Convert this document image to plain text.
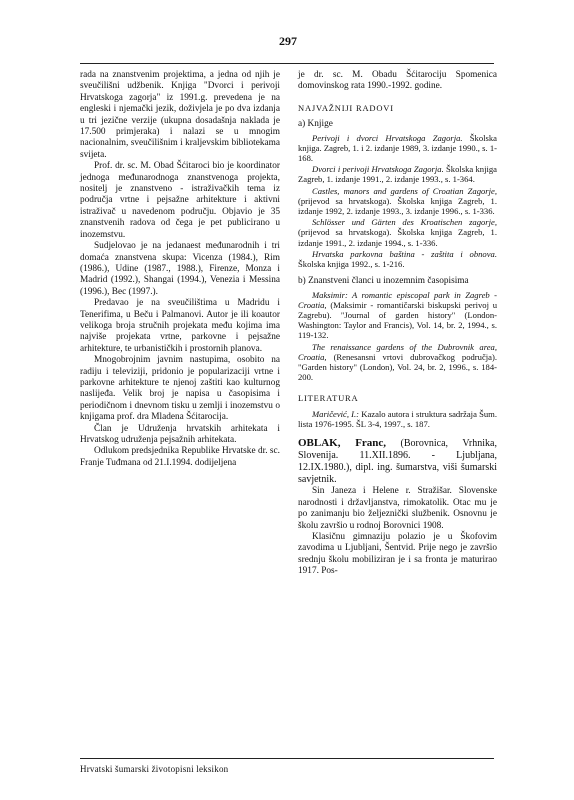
297

rada na znanstvenim projektima, a jedna od njih je sveučilišni udžbenik. Knjiga "Dvorci i perivoji Hrvatskoga zagorja" iz 1991.g. prevedena je na engleski i njemački jezik, doživjela je po dva izdanja u tri jezične verzije (ukupna dosadašnja naklada je 17.500 primjeraka) i nalazi se u mnogim nacionalnim, sveučilišnim i kraljevskim bibliotekama svijeta.

Prof. dr. sc. M. Obad Šćitaroci bio je koordinator jednoga međunarodnoga znanstvenoga projekta, nositelj je znanstveno - istraživačkih tema iz područja vrtne i pejsažne arhitekture i aktivni istraživač u navedenom području. Objavio je 35 znanstvenih radova od čega je pet publicirano u inozemstvu.

Sudjelovao je na jedanaest međunarodnih i tri domaća znanstvena skupa: Vicenza (1984.), Rim (1986.), Udine (1987., 1988.), Firenze, Monza i Madrid (1992.), Shangai (1994.), Venezia i Messina (1996.), Bec (1997.).

Predavao je na sveučilištima u Madridu i Tenerifima, u Beču i Palmanovi. Autor je ili koautor velikoga broja stručnih projekata među kojima ima najviše projekata vrtne, parkovne i pejsažne arhitekture, te urbanističkih i prostornih planova.

Mnogobrojnim javnim nastupima, osobito na radiju i televiziji, pridonio je popularizaciji vrtne i parkovne arhitekture te njenoj zaštiti kao kulturnog naslijeđa. Velik broj je napisa u časopisima i periodičnom i dnevnom tisku u zemlji i inozemstvu o knjigama prof. dra Mladena Šćitarocija.

Član je Udruženja hrvatskih arhitekata i Hrvatskog udruženja pejsažnih arhitekata.

Odlukom predsjednika Republike Hrvatske dr. sc. Franje Tuđmana od 21.I.1994. dodijeljena

je dr. sc. M. Obadu Šćitarociju Spomenica domovinskog rata 1990.-1992. godine.

NAJVAŽNIJI RADOVI

a) Knjige

Perivoji i dvorci Hrvatskoga Zagorja. Školska knjiga. Zagreb, 1. i 2. izdanje 1989, 3. izdanje 1990., s. 1-168.

Dvorci i perivoji Hrvatskoga Zagorja. Školska knjiga Zagreb, 1. izdanje 1991., 2. izdanje 1993., s. 1-364.

Castles, manors and gardens of Croatian Zagorje, (prijevod sa hrvatskoga). Školska knjiga Zagreb, 1. izdanje 1992, 2. izdanje 1993., 3. izdanje 1996., s. 1-336.

Schlösser und Gärten des Kroatischen zagorje, (prijevod sa hrvatskoga). Školska knjiga Zagreb, 1. izdanje 1991., 2. izdanje 1994., s. 1-336.

Hrvatska parkovna baština - zaštita i obnova. Školska knjiga 1992., s. 1-216.

b) Znanstveni članci u inozemnim časopisima

Maksimir: A romantic episcopal park in Zagreb - Croatia, (Maksimir - romantičarski biskupski perivoj u Zagrebu). "Journal of garden history" (London-Washington: Taylor and Francis), Vol. 14, br. 2, 1994., s. 119-132.

The renaissance gardens of the Dubrovnik area, Croatia, (Renesansni vrtovi dubrovačkog područja). "Garden history" (London), Vol. 24, br. 2, 1996., s. 184-200.

LITERATURA

Maričević, I.: Kazalo autora i struktura sadržaja Šum. lista 1976-1995. ŠL 3-4, 1997., s. 187.

OBLAK, Franc, (Borovnica, Vrhnika, Slovenija. 11.XII.1896. - Ljubljana, 12.IX.1980.), dipl. ing. šumarstva, viši šumarski savjetnik.

Sin Janeza i Helene r. Stražišar. Slovenske narodnosti i državljanstva, rimokatolik. Otac mu je po zanimanju bio željeznički službenik. Osnovnu je školu završio u rodnoj Borovnici 1908.

Klasičnu gimnaziju polazio je u Škofovim zavodima u Ljubljani, Šentvid. Prije nego je završio srednju školu mobiliziran je i sa fronta je maturirao 1917. Pos-

Hrvatski šumarski životopisni leksikon
